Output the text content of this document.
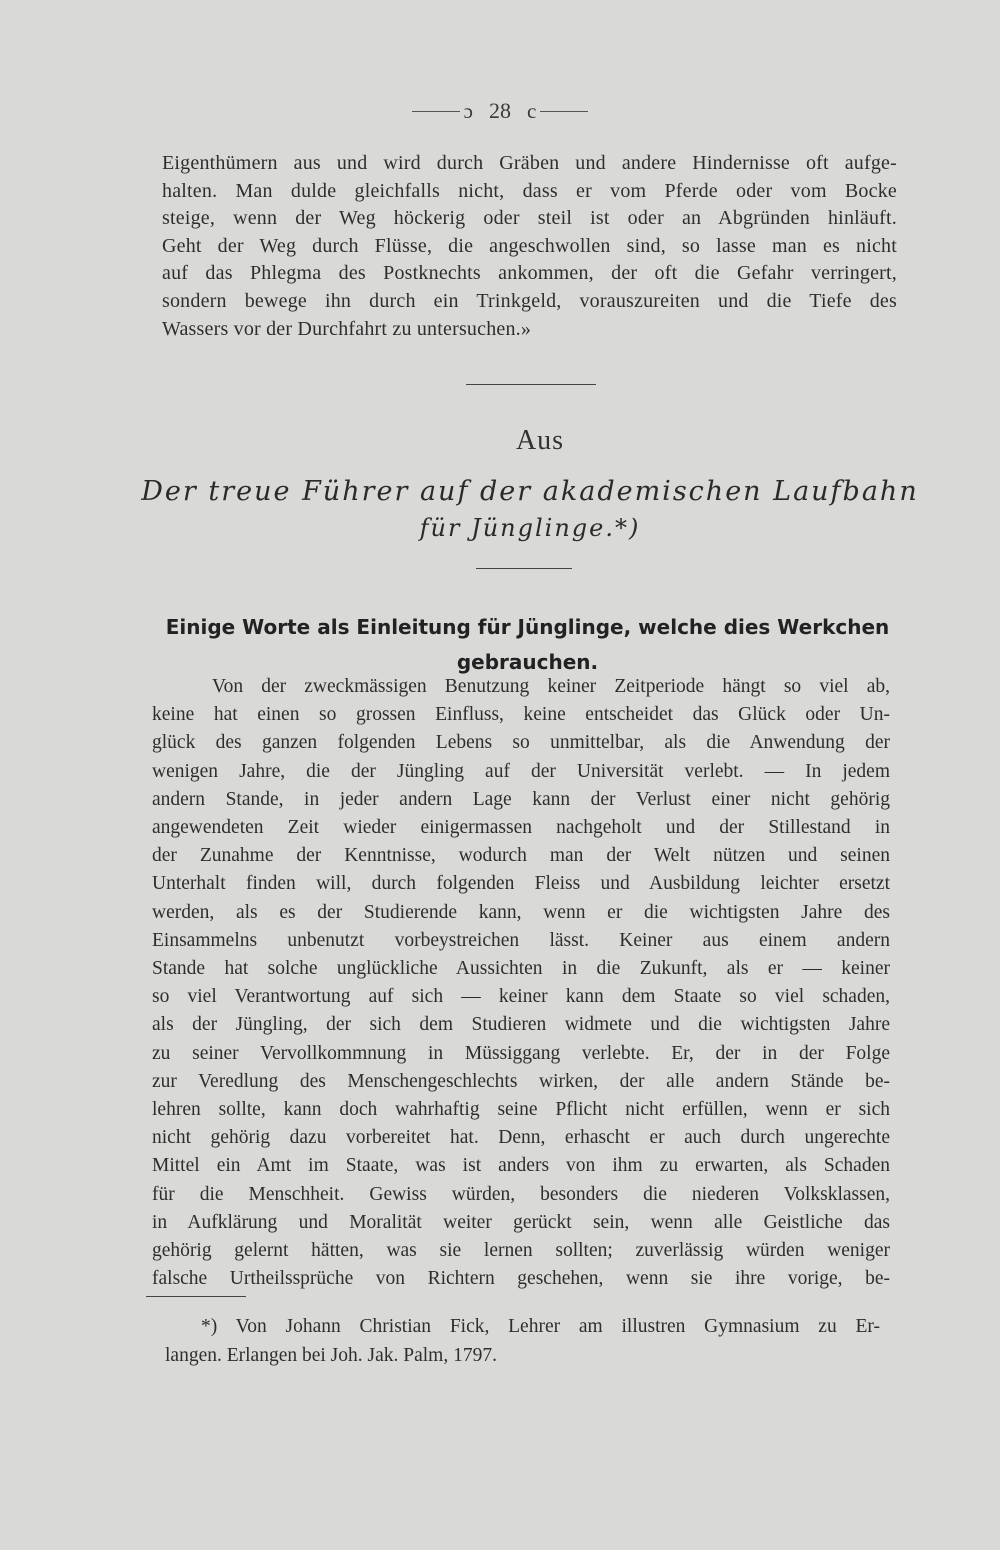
⁠ɔ 28 c
Eigenthümern aus und wird durch Gräben und andere Hindernisse oft aufge-
halten. Man dulde gleichfalls nicht, dass er vom Pferde oder vom Bocke
steige, wenn der Weg höckerig oder steil ist oder an Abgründen hinläuft.
Geht der Weg durch Flüsse, die angeschwollen sind, so lasse man es nicht
auf das Phlegma des Postknechts ankommen, der oft die Gefahr verringert,
sondern bewege ihn durch ein Trinkgeld, vorauszureiten und die Tiefe des
Wassers vor der Durchfahrt zu untersuchen.»
Aus
Der treue Führer auf der akademischen Laufbahn
für Jünglinge.*)
Einige Worte als Einleitung für Jünglinge, welche dies Werkchen
gebrauchen.
Von der zweckmässigen Benutzung keiner Zeitperiode hängt so viel ab,
keine hat einen so grossen Einfluss, keine entscheidet das Glück oder Un-
glück des ganzen folgenden Lebens so unmittelbar, als die Anwendung der
wenigen Jahre, die der Jüngling auf der Universität verlebt. — In jedem
andern Stande, in jeder andern Lage kann der Verlust einer nicht gehörig
angewendeten Zeit wieder einigermassen nachgeholt und der Stillestand in
der Zunahme der Kenntnisse, wodurch man der Welt nützen und seinen
Unterhalt finden will, durch folgenden Fleiss und Ausbildung leichter ersetzt
werden, als es der Studierende kann, wenn er die wichtigsten Jahre des
Einsammelns unbenutzt vorbeystreichen lässt. Keiner aus einem andern
Stande hat solche unglückliche Aussichten in die Zukunft, als er — keiner
so viel Verantwortung auf sich — keiner kann dem Staate so viel schaden,
als der Jüngling, der sich dem Studieren widmete und die wichtigsten Jahre
zu seiner Vervollkommnung in Müssiggang verlebte. Er, der in der Folge
zur Veredlung des Menschengeschlechts wirken, der alle andern Stände be-
lehren sollte, kann doch wahrhaftig seine Pflicht nicht erfüllen, wenn er sich
nicht gehörig dazu vorbereitet hat. Denn, erhascht er auch durch ungerechte
Mittel ein Amt im Staate, was ist anders von ihm zu erwarten, als Schaden
für die Menschheit. Gewiss würden, besonders die niederen Volksklassen,
in Aufklärung und Moralität weiter gerückt sein, wenn alle Geistliche das
gehörig gelernt hätten, was sie lernen sollten; zuverlässig würden weniger
falsche Urtheilssprüche von Richtern geschehen, wenn sie ihre vorige, be-
*) Von Johann Christian Fick, Lehrer am illustren Gymnasium zu Er-
langen. Erlangen bei Joh. Jak. Palm, 1797.
